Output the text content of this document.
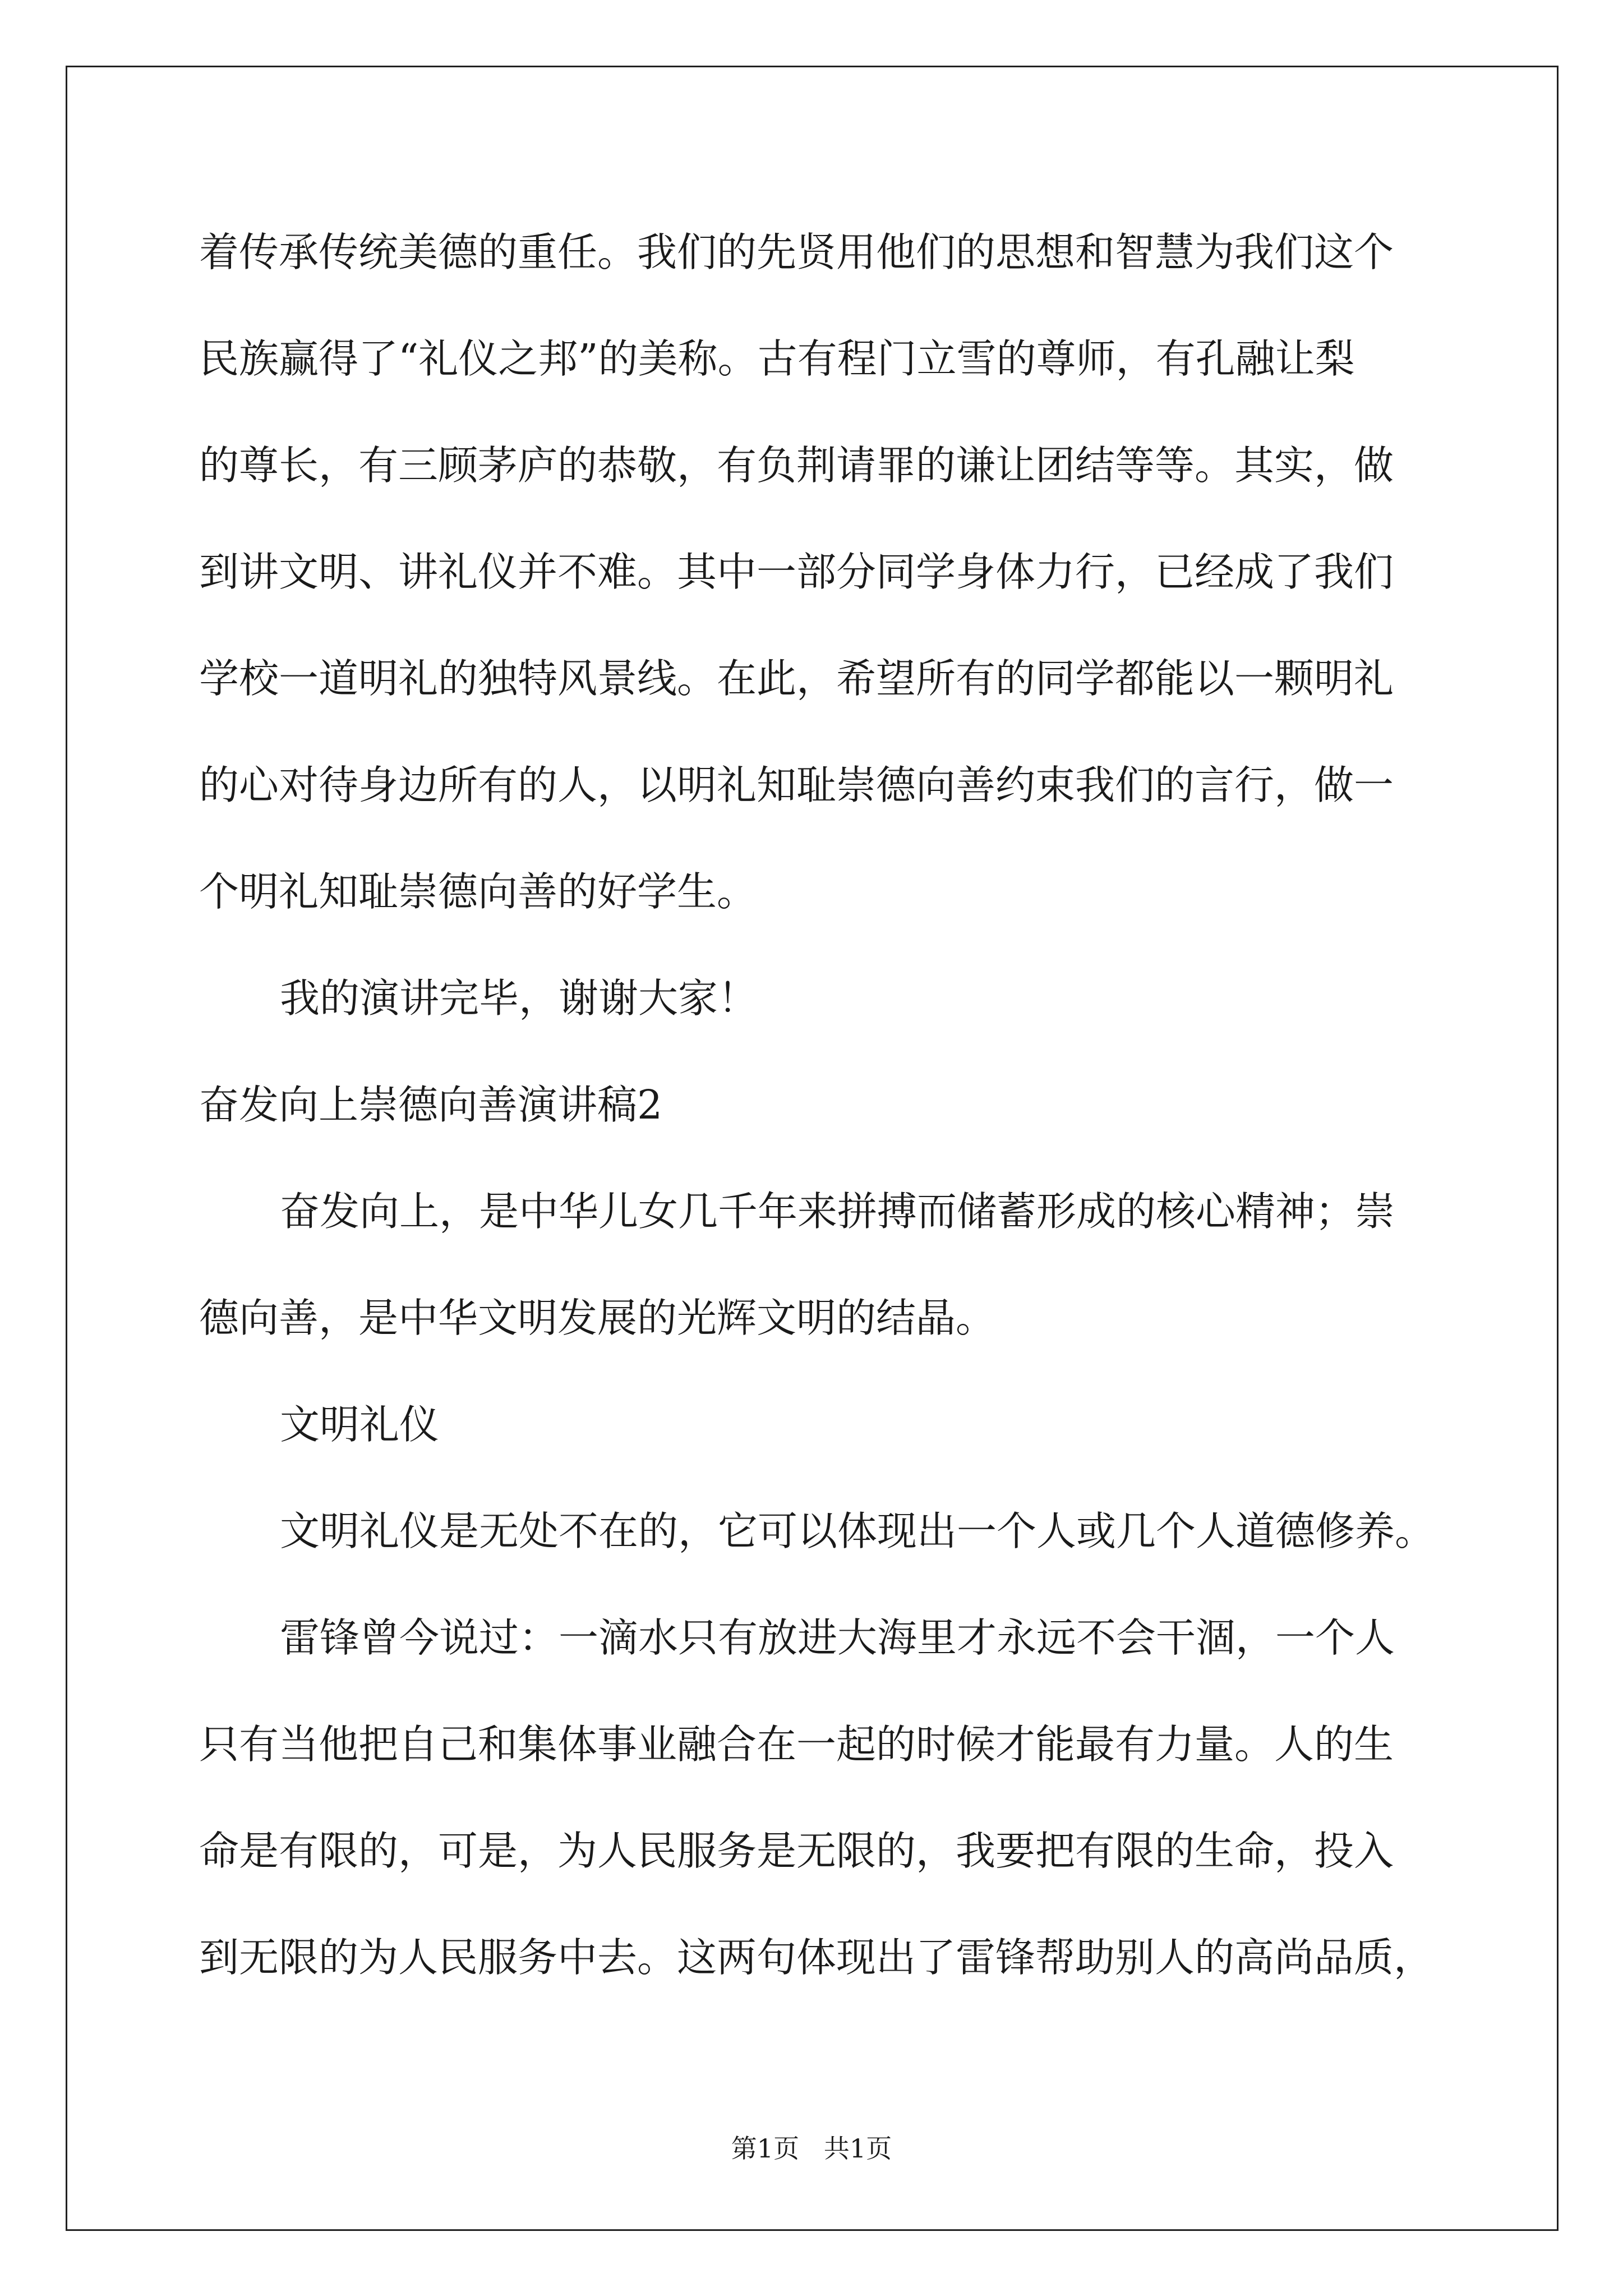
着传承传统美德的重任。我们的先贤用他们的思想和智慧为我们这个
民族赢得了“礼仪之邦”的美称。古有程门立雪的尊师，有孔融让梨
的尊长，有三顾茅庐的恭敬，有负荆请罪的谦让团结等等。其实，做
到讲文明、讲礼仪并不难。其中一部分同学身体力行，已经成了我们
学校一道明礼的独特风景线。在此，希望所有的同学都能以一颗明礼
的心对待身边所有的人，以明礼知耻崇德向善约束我们的言行，做一
个明礼知耻崇德向善的好学生。
我的演讲完毕，谢谢大家！
奋发向上崇德向善演讲稿2
奋发向上，是中华儿女几千年来拼搏而储蓄形成的核心精神；崇
德向善，是中华文明发展的光辉文明的结晶。
文明礼仪
文明礼仪是无处不在的，它可以体现出一个人或几个人道德修养。
雷锋曾今说过：一滴水只有放进大海里才永远不会干涸，一个人
只有当他把自己和集体事业融合在一起的时候才能最有力量。人的生
命是有限的，可是，为人民服务是无限的，我要把有限的生命，投入
到无限的为人民服务中去。这两句体现出了雷锋帮助别人的高尚品质，
第1页   共1页
